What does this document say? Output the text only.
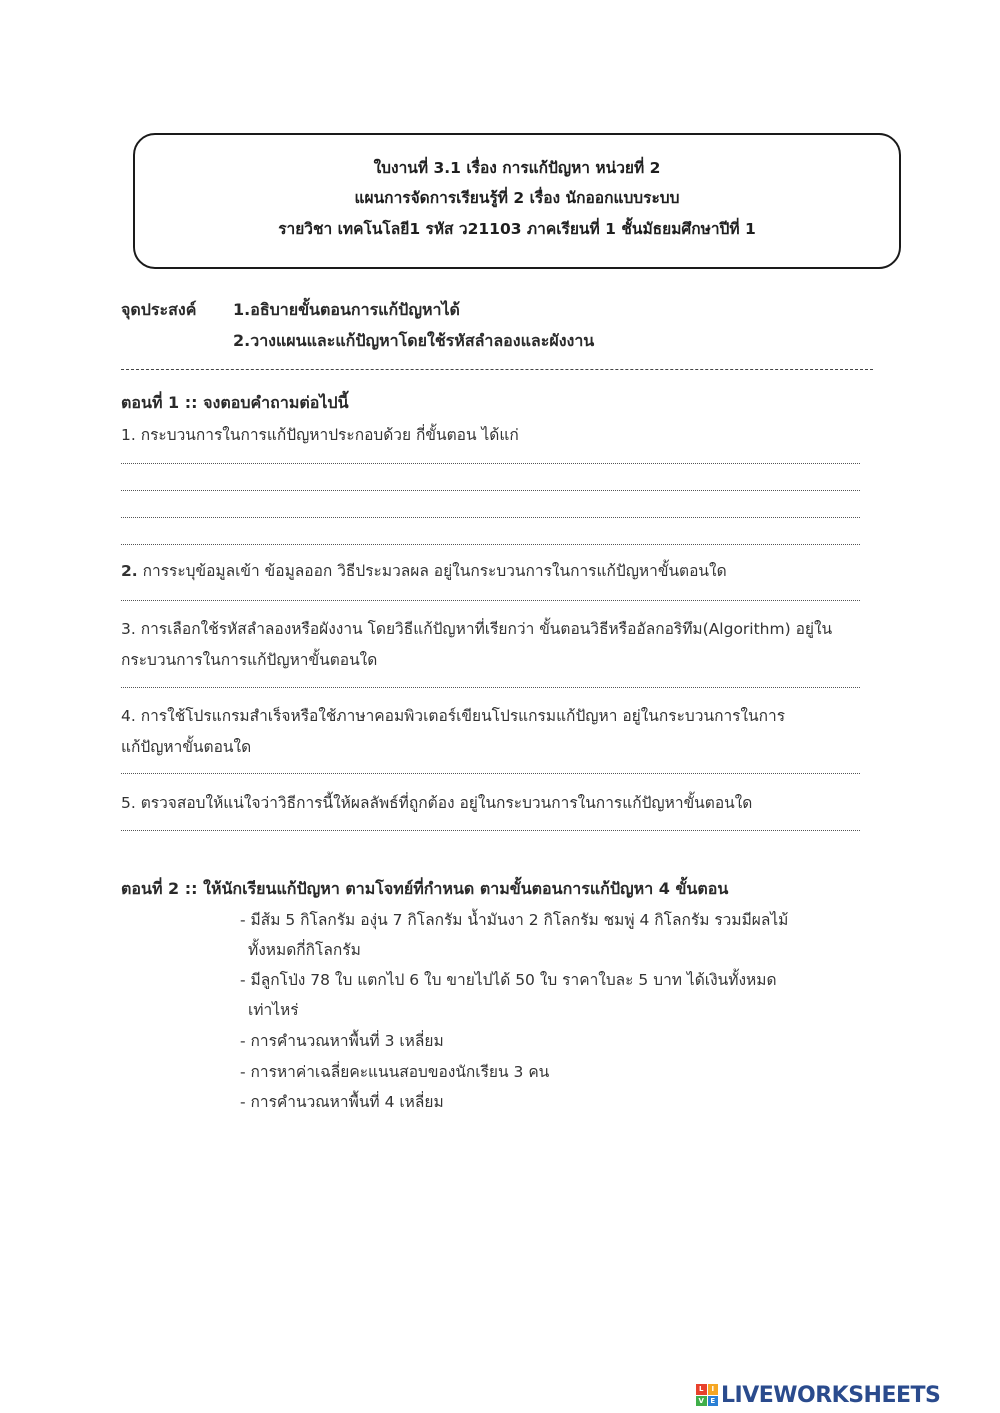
ใบงานที่ 3.1 เรื่อง การแก้ปัญหา หน่วยที่ 2
แผนการจัดการเรียนรู้ที่ 2 เรื่อง นักออกแบบระบบ
รายวิชา เทคโนโลยี1 รหัส ว21103 ภาคเรียนที่ 1 ชั้นมัธยมศึกษาปีที่ 1
จุดประสงค์ 1.อธิบายขั้นตอนการแก้ปัญหาได้
2.วางแผนและแก้ปัญหาโดยใช้รหัสลำลองและผังงาน
ตอนที่ 1 :: จงตอบคำถามต่อไปนี้
1. กระบวนการในการแก้ปัญหาประกอบด้วย กี่ขั้นตอน ได้แก่
2. การระบุข้อมูลเข้า ข้อมูลออก วิธีประมวลผล อยู่ในกระบวนการในการแก้ปัญหาขั้นตอนใด
3. การเลือกใช้รหัสลำลองหรือผังงาน โดยวิธีแก้ปัญหาที่เรียกว่า ขั้นตอนวิธีหรืออัลกอริทึม(Algorithm) อยู่ใน
กระบวนการในการแก้ปัญหาขั้นตอนใด
4. การใช้โปรแกรมสำเร็จหรือใช้ภาษาคอมพิวเตอร์เขียนโปรแกรมแก้ปัญหา อยู่ในกระบวนการในการ
แก้ปัญหาขั้นตอนใด
5. ตรวจสอบให้แน่ใจว่าวิธีการนี้ให้ผลลัพธ์ที่ถูกต้อง อยู่ในกระบวนการในการแก้ปัญหาขั้นตอนใด
ตอนที่ 2 :: ให้นักเรียนแก้ปัญหา ตามโจทย์ที่กำหนด ตามขั้นตอนการแก้ปัญหา 4 ขั้นตอน
- มีส้ม 5 กิโลกรัม องุ่น 7 กิโลกรัม น้ำมันงา 2 กิโลกรัม ชมพู่ 4 กิโลกรัม รวมมีผลไม้
ทั้งหมดกี่กิโลกรัม
- มีลูกโป่ง 78 ใบ แตกไป 6 ใบ ขายไปได้ 50 ใบ ราคาใบละ 5 บาท ได้เงินทั้งหมด
เท่าไหร่
- การคำนวณหาพื้นที่ 3 เหลี่ยม
- การหาค่าเฉลี่ยคะแนนสอบของนักเรียน 3 คน
- การคำนวณหาพื้นที่ 4 เหลี่ยม
L	I
V E LIVEWORKSHEETS
